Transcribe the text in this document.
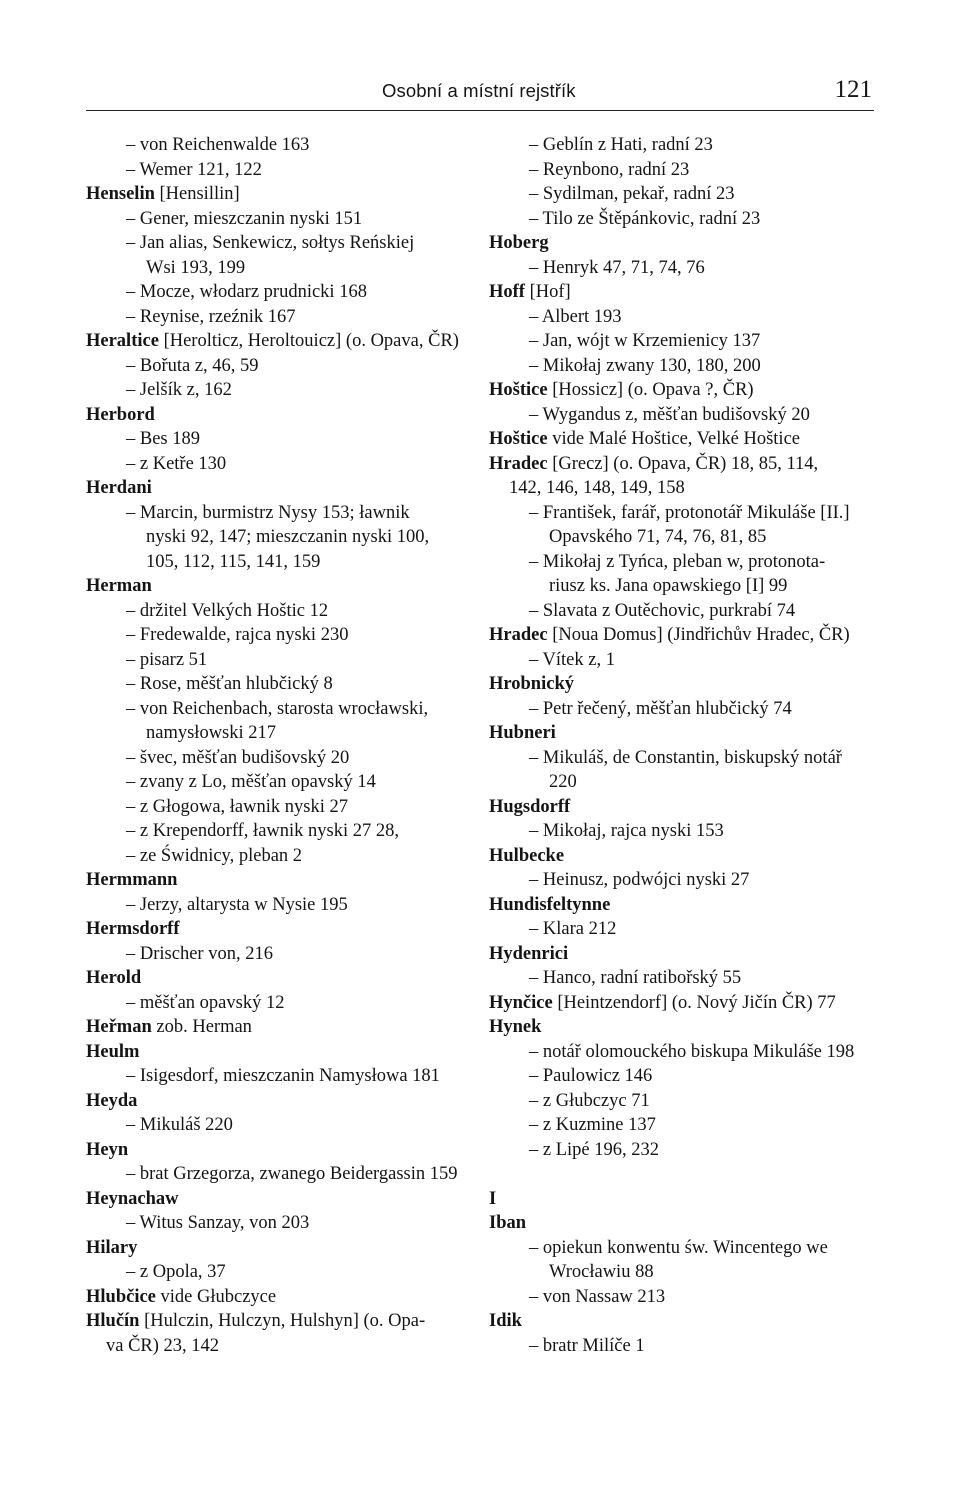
Osobní a místní rejstřík	121
– von Reichenwalde 163
– Wemer 121, 122
Henselin [Hensillin]
– Gener, mieszczanin nyski 151
– Jan alias, Senkewicz, sołtys Reńskiej
Wsi 193, 199
– Mocze, włodarz prudnicki 168
– Reynise, rzeźnik 167
Heraltice [Herolticz, Heroltouicz] (o. Opava, ČR)
– Bořuta z, 46, 59
– Jelšík z, 162
Herbord
– Bes 189
– z Ketře 130
Herdani
– Marcin, burmistrz Nysy 153; ławnik
nyski 92, 147; mieszczanin nyski 100,
105, 112, 115, 141, 159
Herman
– držitel Velkých Hoštic 12
– Fredewalde, rajca nyski 230
– pisarz 51
– Rose, měšťan hlubčický 8
– von Reichenbach, starosta wrocławski,
namysłowski 217
– švec, měšťan budišovský 20
– zvany z Lo, měšťan opavský 14
– z Głogowa, ławnik nyski 27
– z Krependorff, ławnik nyski 27 28,
– ze Świdnicy, pleban 2
Hermmann
– Jerzy, altarysta w Nysie 195
Hermsdorff
– Drischer von, 216
Herold
– měšťan opavský 12
Heřman zob. Herman
Heulm
– Isigesdorf, mieszczanin Namysłowa 181
Heyda
– Mikuláš 220
Heyn
– brat Grzegorza, zwanego Beidergassin 159
Heynachaw
– Witus Sanzay, von 203
Hilary
– z Opola, 37
Hlubčice vide Głubczyce
Hlučín [Hulczin, Hulczyn, Hulshyn] (o. Opa-
va ČR) 23, 142
– Geblín z Hati, radní 23
– Reynbono, radní 23
– Sydilman, pekař, radní 23
– Tilo ze Štěpánkovic, radní 23
Hoberg
– Henryk 47, 71, 74, 76
Hoff [Hof]
– Albert 193
– Jan, wójt w Krzemienicy 137
– Mikołaj zwany 130, 180, 200
Hoštice [Hossicz] (o. Opava ?, ČR)
– Wygandus z, měšťan budišovský 20
Hoštice vide Malé Hoštice, Velké Hoštice
Hradec [Grecz] (o. Opava, ČR) 18, 85, 114,
142, 146, 148, 149, 158
– František, farář, protonotář Mikuláše [II.]
Opavského 71, 74, 76, 81, 85
– Mikołaj z Tyńca, pleban w, protonota-
riusz ks. Jana opawskiego [I] 99
– Slavata z Outěchovic, purkrabí 74
Hradec [Noua Domus] (Jindřichův Hradec, ČR)
– Vítek z, 1
Hrobnický
– Petr řečený, měšťan hlubčický 74
Hubneri
– Mikuláš, de Constantin, biskupský notář
220
Hugsdorff
– Mikołaj, rajca nyski 153
Hulbecke
– Heinusz, podwójci nyski 27
Hundisfeltynne
– Klara 212
Hydenrici
– Hanco, radní ratibořský 55
Hynčice [Heintzendorf] (o. Nový Jičín ČR) 77
Hynek
– notář olomouckého biskupa Mikuláše 198
– Paulowicz 146
– z Głubczyc 71
– z Kuzmine 137
– z Lipé 196, 232
I
Iban
– opiekun konwentu św. Wincentego we
Wrocławiu 88
– von Nassaw 213
Idik
– bratr Milíče 1
